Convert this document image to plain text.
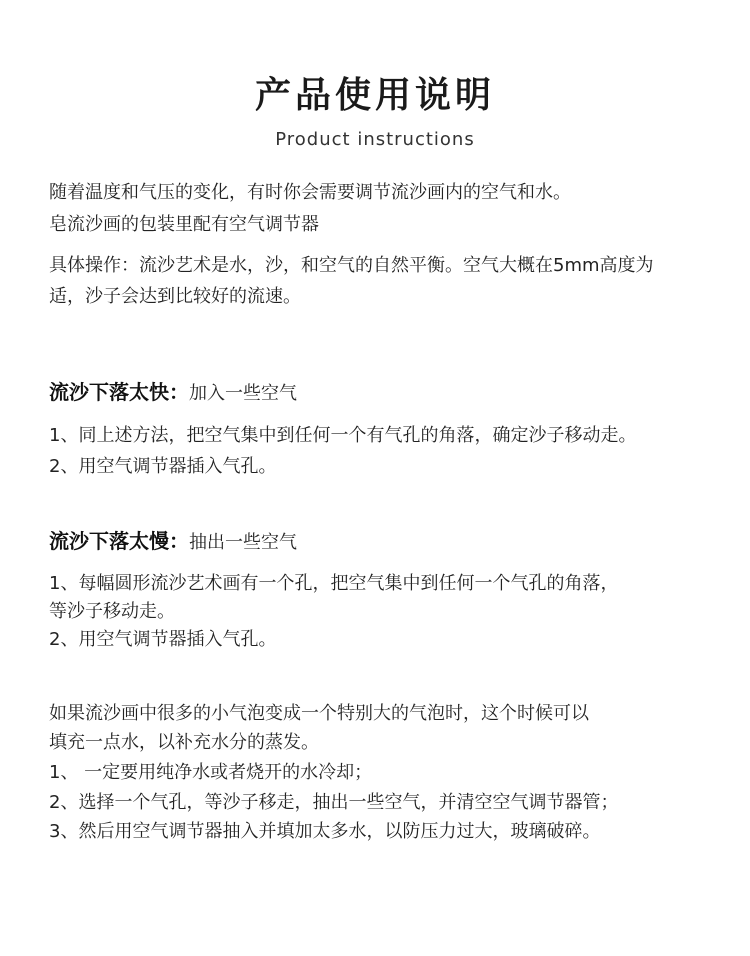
产品使用说明
Product instructions
随着温度和气压的变化，有时你会需要调节流沙画内的空气和水。
皂流沙画的包装里配有空气调节器
具体操作：流沙艺术是水，沙，和空气的自然平衡。空气大概在5mm高度为
适，沙子会达到比较好的流速。
流沙下落太快：加入一些空气
1、同上述方法，把空气集中到任何一个有气孔的角落，确定沙子移动走。
2、用空气调节器插入气孔。
流沙下落太慢：抽出一些空气
1、每幅圆形流沙艺术画有一个孔，把空气集中到任何一个气孔的角落，
等沙子移动走。
2、用空气调节器插入气孔。
如果流沙画中很多的小气泡变成一个特别大的气泡时，这个时候可以
填充一点水，以补充水分的蒸发。
1、 一定要用纯净水或者烧开的水冷却；
2、选择一个气孔，等沙子移走，抽出一些空气，并清空空气调节器管；
3、然后用空气调节器抽入并填加太多水，以防压力过大，玻璃破碎。
